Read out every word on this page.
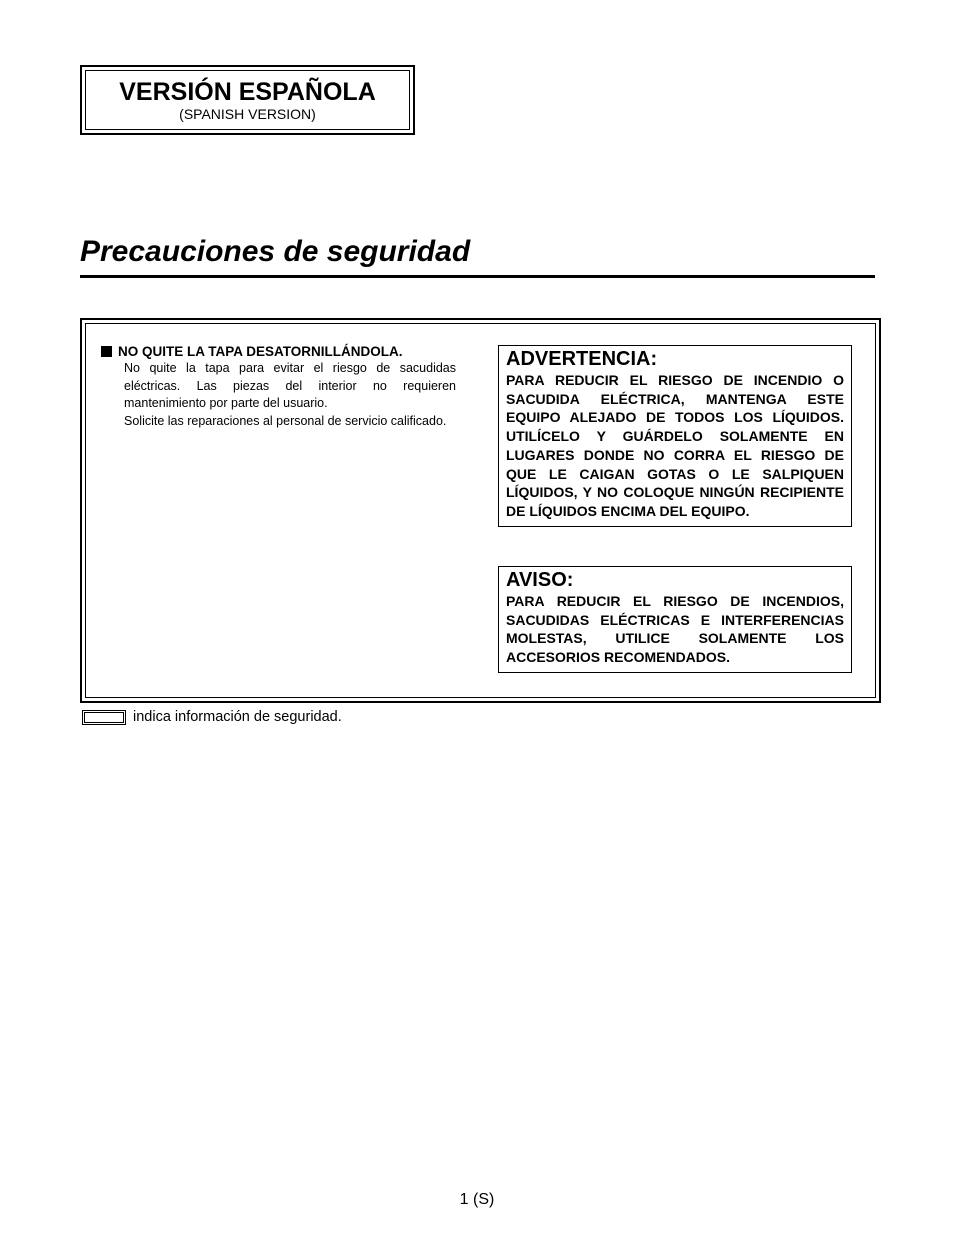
VERSIÓN ESPAÑOLA
(SPANISH VERSION)
Precauciones de seguridad
NO QUITE LA TAPA DESATORNILLÁNDOLA.

No quite la tapa para evitar el riesgo de sacudidas eléctricas. Las piezas del interior no requieren mantenimiento por parte del usuario.

Solicite las reparaciones al personal de servicio calificado.

ADVERTENCIA:
PARA REDUCIR EL RIESGO DE INCENDIO O SACUDIDA ELÉCTRICA, MANTENGA ESTE EQUIPO ALEJADO DE TODOS LOS LÍQUIDOS. UTILÍCELO Y GUÁRDELO SOLAMENTE EN LUGARES DONDE NO CORRA EL RIESGO DE QUE LE CAIGAN GOTAS O LE SALPIQUEN LÍQUIDOS, Y NO COLOQUE NINGÚN RECIPIENTE DE LÍQUIDOS ENCIMA DEL EQUIPO.
AVISO:
PARA REDUCIR EL RIESGO DE INCENDIOS, SACUDIDAS ELÉCTRICAS E INTERFERENCIAS MOLESTAS, UTILICE SOLAMENTE LOS ACCESORIOS RECOMENDADOS.
indica información de seguridad.
1 (S)
